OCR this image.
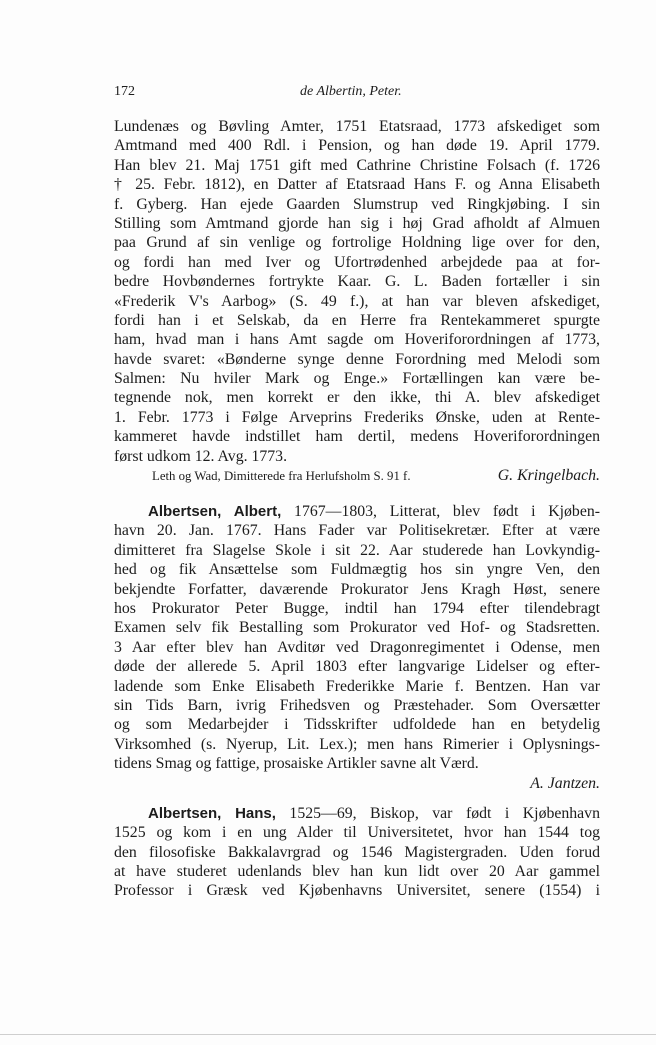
172	de Albertin, Peter.
Lundenæs og Bøvling Amter, 1751 Etatsraad, 1773 afskediget som
Amtmand med 400 Rdl. i Pension, og han døde 19. April 1779.
Han blev 21. Maj 1751 gift med Cathrine Christine Folsach (f. 1726
† 25. Febr. 1812), en Datter af Etatsraad Hans F. og Anna Elisabeth
f. Gyberg. Han ejede Gaarden Slumstrup ved Ringkjøbing. I sin
Stilling som Amtmand gjorde han sig i høj Grad afholdt af Almuen
paa Grund af sin venlige og fortrolige Holdning lige over for den,
og fordi han med Iver og Ufortrødenhed arbejdede paa at for-
bedre Hovbøndernes fortrykte Kaar. G. L. Baden fortæller i sin
«Frederik V's Aarbog» (S. 49 f.), at han var bleven afskediget,
fordi han i et Selskab, da en Herre fra Rentekammeret spurgte
ham, hvad man i hans Amt sagde om Hoveriforordningen af 1773,
havde svaret: «Bønderne synge denne Forordning med Melodi som
Salmen: Nu hviler Mark og Enge.» Fortællingen kan være be-
tegnende nok, men korrekt er den ikke, thi A. blev afskediget
1. Febr. 1773 i Følge Arveprins Frederiks Ønske, uden at Rente-
kammeret havde indstillet ham dertil, medens Hoveriforordningen
først udkom 12. Avg. 1773.
Leth og Wad, Dimitterede fra Herlufsholm S. 91 f.	G. Kringelbach.
Albertsen, Albert, 1767—1803, Litterat, blev født i Kjøben-
havn 20. Jan. 1767. Hans Fader var Politisekretær. Efter at være
dimitteret fra Slagelse Skole i sit 22. Aar studerede han Lovkyndig-
hed og fik Ansættelse som Fuldmægtig hos sin yngre Ven, den
bekjendte Forfatter, daværende Prokurator Jens Kragh Høst, senere
hos Prokurator Peter Bugge, indtil han 1794 efter tilendebragt
Examen selv fik Bestalling som Prokurator ved Hof- og Stadsretten.
3 Aar efter blev han Avditør ved Dragonregimentet i Odense, men
døde der allerede 5. April 1803 efter langvarige Lidelser og efter-
ladende som Enke Elisabeth Frederikke Marie f. Bentzen. Han var
sin Tids Barn, ivrig Frihedsven og Præstehader. Som Oversætter
og som Medarbejder i Tidsskrifter udfoldede han en betydelig
Virksomhed (s. Nyerup, Lit. Lex.); men hans Rimerier i Oplysnings-
tidens Smag og fattige, prosaiske Artikler savne alt Værd.
A. Jantzen.
Albertsen, Hans, 1525—69, Biskop, var født i Kjøbenhavn
1525 og kom i en ung Alder til Universitetet, hvor han 1544 tog
den filosofiske Bakkalavrgrad og 1546 Magistergraden. Uden forud
at have studeret udenlands blev han kun lidt over 20 Aar gammel
Professor i Græsk ved Kjøbenhavns Universitet, senere (1554) i
